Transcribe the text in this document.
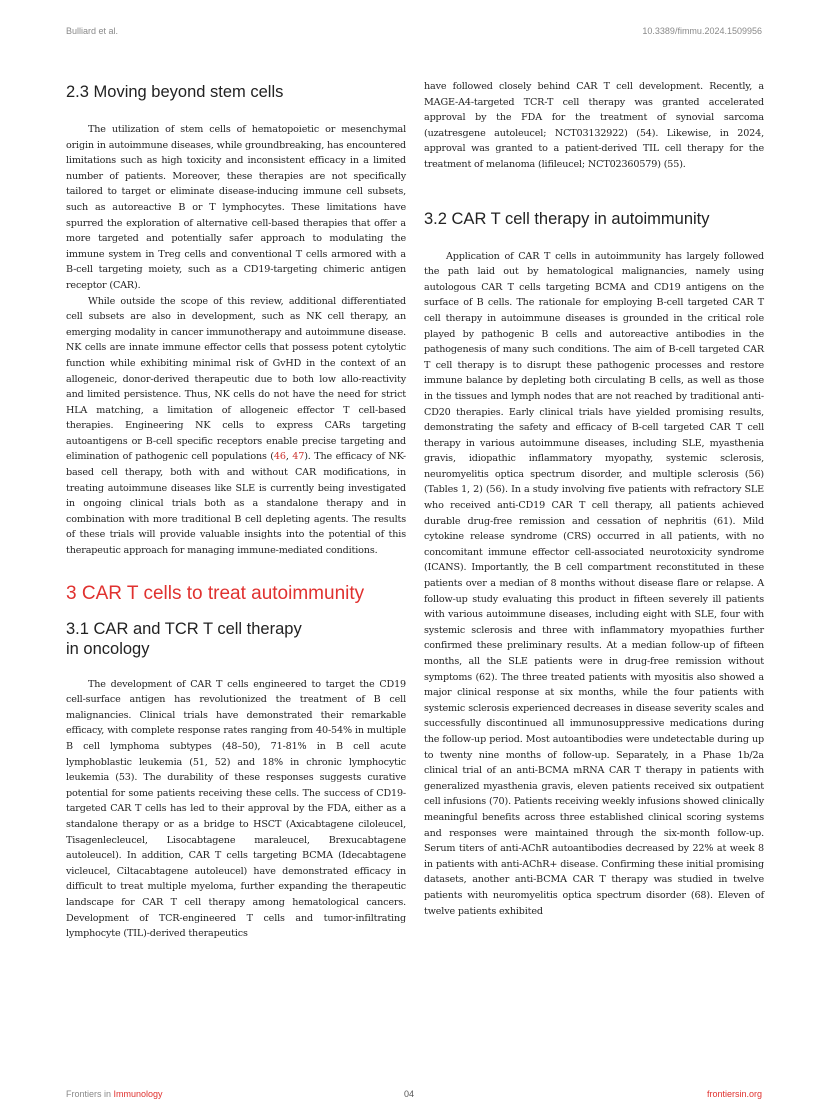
Bulliard et al.	10.3389/fimmu.2024.1509956
2.3 Moving beyond stem cells

The utilization of stem cells of hematopoietic or mesenchymal origin in autoimmune diseases, while groundbreaking, has encountered limitations such as high toxicity and inconsistent efficacy in a limited number of patients. Moreover, these therapies are not specifically tailored to target or eliminate disease-inducing immune cell subsets, such as autoreactive B or T lymphocytes. These limitations have spurred the exploration of alternative cell-based therapies that offer a more targeted and potentially safer approach to modulating the immune system in Treg cells and conventional T cells armored with a B-cell targeting moiety, such as a CD19-targeting chimeric antigen receptor (CAR).

While outside the scope of this review, additional differentiated cell subsets are also in development, such as NK cell therapy, an emerging modality in cancer immunotherapy and autoimmune disease. NK cells are innate immune effector cells that possess potent cytolytic function while exhibiting minimal risk of GvHD in the context of an allogeneic, donor-derived therapeutic due to both low allo-reactivity and limited persistence. Thus, NK cells do not have the need for strict HLA matching, a limitation of allogeneic effector T cell-based therapies. Engineering NK cells to express CARs targeting autoantigens or B-cell specific receptors enable precise targeting and elimination of pathogenic cell populations (46, 47). The efficacy of NK-based cell therapy, both with and without CAR modifications, in treating autoimmune diseases like SLE is currently being investigated in ongoing clinical trials both as a standalone therapy and in combination with more traditional B cell depleting agents. The results of these trials will provide valuable insights into the potential of this therapeutic approach for managing immune-mediated conditions.

3 CAR T cells to treat autoimmunity
3.1 CAR and TCR T cell therapy in oncology

The development of CAR T cells engineered to target the CD19 cell-surface antigen has revolutionized the treatment of B cell malignancies. Clinical trials have demonstrated their remarkable efficacy, with complete response rates ranging from 40-54% in multiple B cell lymphoma subtypes (48–50), 71-81% in B cell acute lymphoblastic leukemia (51, 52) and 18% in chronic lymphocytic leukemia (53). The durability of these responses suggests curative potential for some patients receiving these cells. The success of CD19-targeted CAR T cells has led to their approval by the FDA, either as a standalone therapy or as a bridge to HSCT (Axicabtagene ciloleucel, Tisagenlecleucel, Lisocabtagene maraleucel, Brexucabtagene autoleucel). In addition, CAR T cells targeting BCMA (Idecabtagene vicleucel, Ciltacabtagene autoleucel) have demonstrated efficacy in difficult to treat multiple myeloma, further expanding the therapeutic landscape for CAR T cell therapy among hematological cancers. Development of TCR-engineered T cells and tumor-infiltrating lymphocyte (TIL)-derived therapeutics

have followed closely behind CAR T cell development. Recently, a MAGE-A4-targeted TCR-T cell therapy was granted accelerated approval by the FDA for the treatment of synovial sarcoma (uzatresgene autoleucel; NCT03132922) (54). Likewise, in 2024, approval was granted to a patient-derived TIL cell therapy for the treatment of melanoma (lifileucel; NCT02360579) (55).

3.2 CAR T cell therapy in autoimmunity

Application of CAR T cells in autoimmunity has largely followed the path laid out by hematological malignancies, namely using autologous CAR T cells targeting BCMA and CD19 antigens on the surface of B cells. The rationale for employing B-cell targeted CAR T cell therapy in autoimmune diseases is grounded in the critical role played by pathogenic B cells and autoreactive antibodies in the pathogenesis of many such conditions. The aim of B-cell targeted CAR T cell therapy is to disrupt these pathogenic processes and restore immune balance by depleting both circulating B cells, as well as those in the tissues and lymph nodes that are not reached by traditional anti-CD20 therapies. Early clinical trials have yielded promising results, demonstrating the safety and efficacy of B-cell targeted CAR T cell therapy in various autoimmune diseases, including SLE, myasthenia gravis, idiopathic inflammatory myopathy, systemic sclerosis, neuromyelitis optica spectrum disorder, and multiple sclerosis (56) (Tables 1, 2) (56). In a study involving five patients with refractory SLE who received anti-CD19 CAR T cell therapy, all patients achieved durable drug-free remission and cessation of nephritis (61). Mild cytokine release syndrome (CRS) occurred in all patients, with no concomitant immune effector cell-associated neurotoxicity syndrome (ICANS). Importantly, the B cell compartment reconstituted in these patients over a median of 8 months without disease flare or relapse. A follow-up study evaluating this product in fifteen severely ill patients with various autoimmune diseases, including eight with SLE, four with systemic sclerosis and three with inflammatory myopathies further confirmed these preliminary results. At a median follow-up of fifteen months, all the SLE patients were in drug-free remission without symptoms (62). The three treated patients with myositis also showed a major clinical response at six months, while the four patients with systemic sclerosis experienced decreases in disease severity scales and successfully discontinued all immunosuppressive medications during the follow-up period. Most autoantibodies were undetectable during up to twenty nine months of follow-up. Separately, in a Phase 1b/2a clinical trial of an anti-BCMA mRNA CAR T therapy in patients with generalized myasthenia gravis, eleven patients received six outpatient cell infusions (70). Patients receiving weekly infusions showed clinically meaningful benefits across three established clinical scoring systems and responses were maintained through the six-month follow-up. Serum titers of anti-AChR autoantibodies decreased by 22% at week 8 in patients with anti-AChR+ disease. Confirming these initial promising datasets, another anti-BCMA CAR T therapy was studied in twelve patients with neuromyelitis optica spectrum disorder (68). Eleven of twelve patients exhibited

Frontiers in Immunology	04	frontiersin.org
